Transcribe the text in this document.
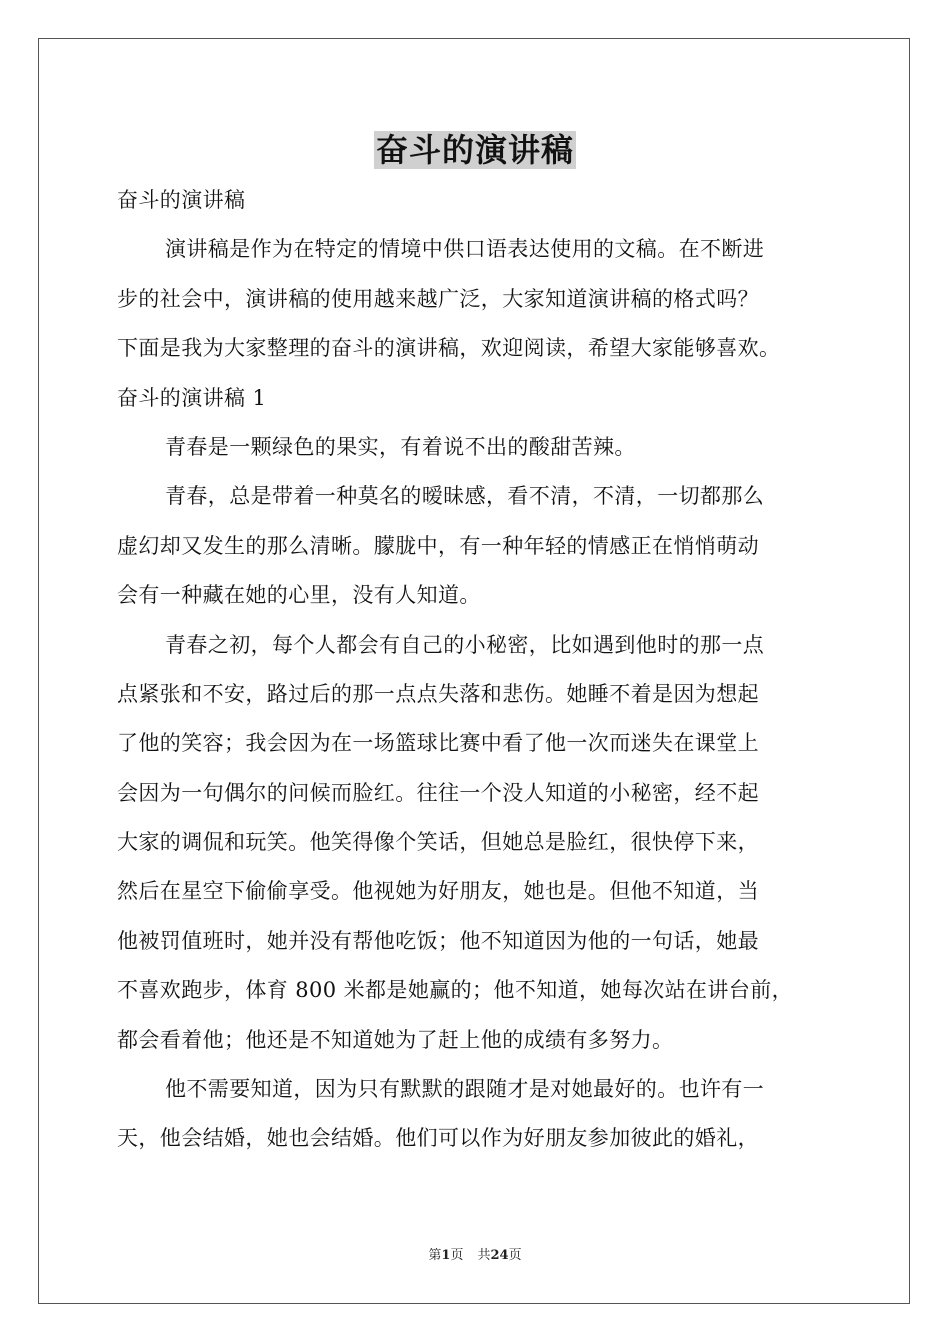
奋斗的演讲稿
奋斗的演讲稿
演讲稿是作为在特定的情境中供口语表达使用的文稿。在不断进
步的社会中，演讲稿的使用越来越广泛，大家知道演讲稿的格式吗？
下面是我为大家整理的奋斗的演讲稿，欢迎阅读，希望大家能够喜欢。
奋斗的演讲稿 1
青春是一颗绿色的果实，有着说不出的酸甜苦辣。
青春，总是带着一种莫名的暧昧感，看不清，不清，一切都那么
虚幻却又发生的那么清晰。朦胧中，有一种年轻的情感正在悄悄萌动
会有一种藏在她的心里，没有人知道。
青春之初，每个人都会有自己的小秘密，比如遇到他时的那一点
点紧张和不安，路过后的那一点点失落和悲伤。她睡不着是因为想起
了他的笑容；我会因为在一场篮球比赛中看了他一次而迷失在课堂上
会因为一句偶尔的问候而脸红。往往一个没人知道的小秘密，经不起
大家的调侃和玩笑。他笑得像个笑话，但她总是脸红，很快停下来，
然后在星空下偷偷享受。他视她为好朋友，她也是。但他不知道，当
他被罚值班时，她并没有帮他吃饭；他不知道因为他的一句话，她最
不喜欢跑步，体育 800 米都是她赢的；他不知道，她每次站在讲台前，
都会看着他；他还是不知道她为了赶上他的成绩有多努力。
他不需要知道，因为只有默默的跟随才是对她最好的。也许有一
天，他会结婚，她也会结婚。他们可以作为好朋友参加彼此的婚礼，
第1页 共24页
